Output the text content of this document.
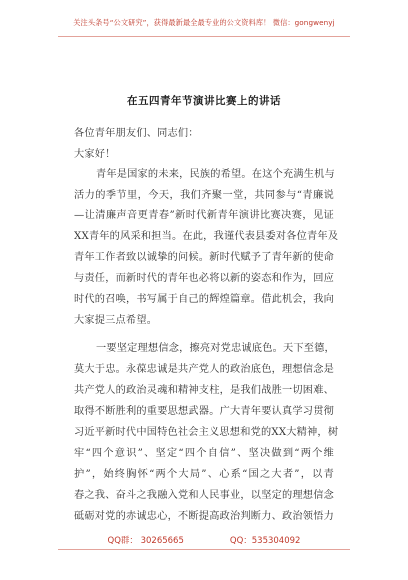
关注头条号“公文研究”，获得最新最全最专业的公文资料库！ 微信：gongwenyj
在五四青年节演讲比赛上的讲话
各位青年朋友们、同志们：
大家好！
青年是国家的未来，民族的希望。在这个充满生机与
活力的季节里，今天，我们齐聚一堂，共同参与“青廉说
—让清廉声音更青春”新时代新青年演讲比赛决赛，见证
XX青年的风采和担当。在此，我谨代表县委对各位青年及
青年工作者致以诚挚的问候。新时代赋予了青年新的使命
与责任，而新时代的青年也必将以新的姿态和作为，回应
时代的召唤，书写属于自己的辉煌篇章。借此机会，我向
大家提三点希望。
一要坚定理想信念，擦亮对党忠诚底色。天下至德，
莫大于忠。永葆忠诚是共产党人的政治底色，理想信念是
共产党人的政治灵魂和精神支柱，是我们战胜一切困难、
取得不断胜利的重要思想武器。广大青年要认真学习贯彻
习近平新时代中国特色社会主义思想和党的XX大精神，树
牢“四个意识”、坚定“四个自信”、坚决做到“两个维
护”，始终胸怀“两个大局”、心系“国之大者”，以青
春之我、奋斗之我融入党和人民事业，以坚定的理想信念
砥砺对党的赤诚忠心，不断提高政治判断力、政治领悟力
QQ群： 30265665	QQ：535304092
